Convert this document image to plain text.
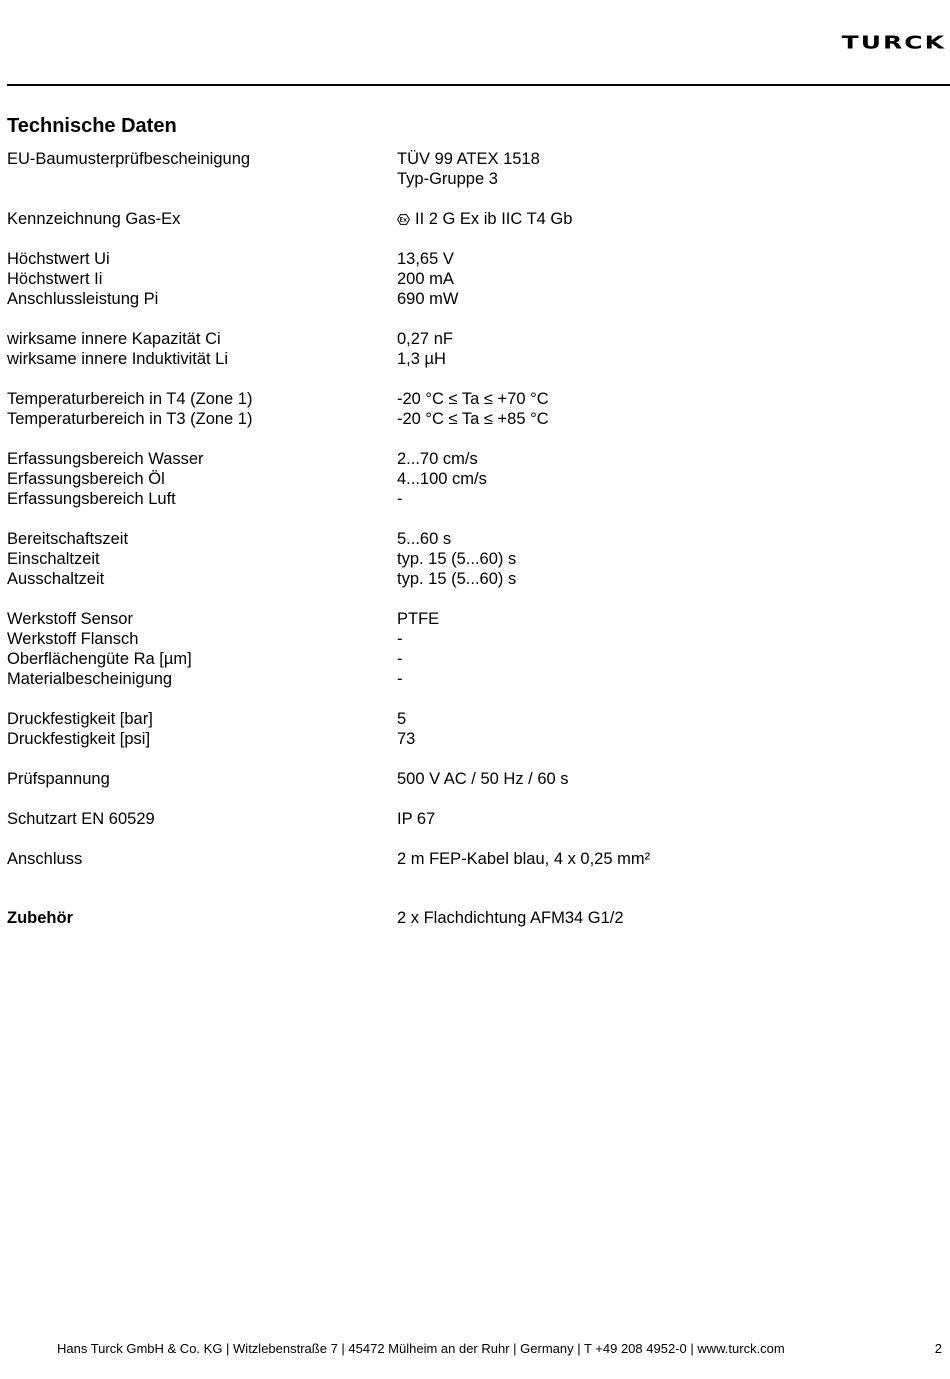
TURCK
Technische Daten
EU-Baumusterprüfbescheinigung	TÜV 99 ATEX 1518
Typ-Gruppe 3
Kennzeichnung Gas-Ex	II 2 G Ex ib IIC T4 Gb
Höchstwert Ui	13,65 V
Höchstwert Ii	200 mA
Anschlussleistung Pi	690 mW
wirksame innere Kapazität Ci	0,27 nF
wirksame innere Induktivität Li	1,3 µH
Temperaturbereich in T4 (Zone 1)	-20 °C ≤ Ta ≤ +70 °C
Temperaturbereich in T3 (Zone 1)	-20 °C ≤ Ta ≤ +85 °C
Erfassungsbereich Wasser	2...70 cm/s
Erfassungsbereich Öl	4...100 cm/s
Erfassungsbereich Luft	-
Bereitschaftszeit	5...60 s
Einschaltzeit	typ. 15 (5...60) s
Ausschaltzeit	typ. 15 (5...60) s
Werkstoff Sensor	PTFE
Werkstoff Flansch	-
Oberflächengüte Ra [µm]	-
Materialbescheinigung	-
Druckfestigkeit [bar]	5
Druckfestigkeit [psi]	73
Prüfspannung	500 V AC / 50 Hz / 60 s
Schutzart EN 60529	IP 67
Anschluss	2 m FEP-Kabel blau, 4 x 0,25 mm²
Zubehör	2 x Flachdichtung AFM34 G1/2
Hans Turck GmbH & Co. KG | Witzlebenstraße 7 | 45472 Mülheim an der Ruhr | Germany | T +49 208 4952-0 | www.turck.com	2
